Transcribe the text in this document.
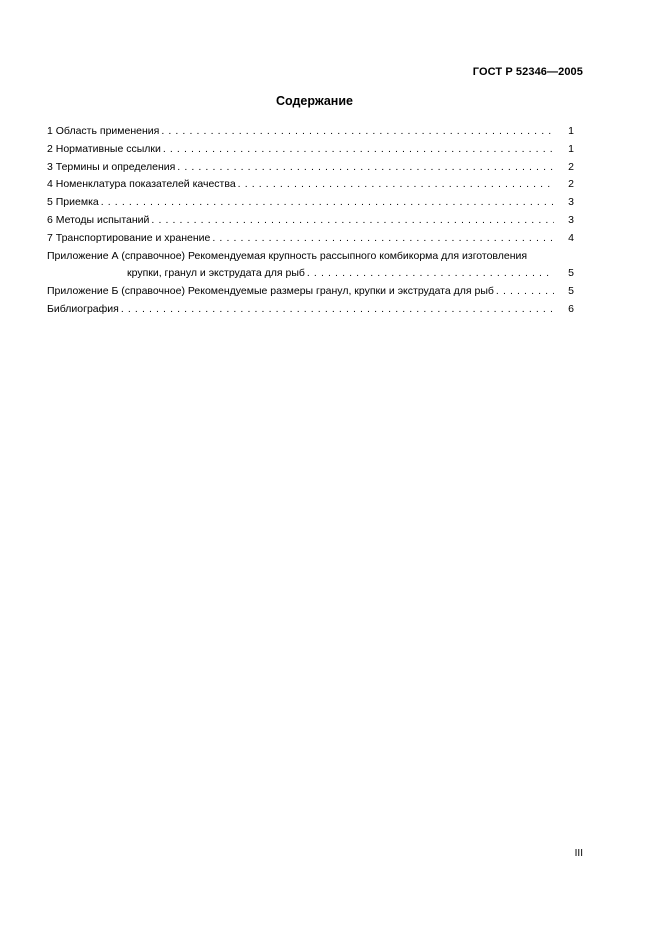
ГОСТ Р 52346—2005
Содержание
1 Область применения . . .	1
2 Нормативные ссылки . . .	1
3 Термины и определения . . .	2
4 Номенклатура показателей качества . . .	2
5 Приемка . . .	3
6 Методы испытаний . . .	3
7 Транспортирование и хранение . . .	4
Приложение А (справочное) Рекомендуемая крупность рассыпного комбикорма для изготовления
крупки, гранул и экструдата для рыб . . .	5
Приложение Б (справочное) Рекомендуемые размеры гранул, крупки и экструдата для рыб . . .	5
Библиография . . .	6
III
